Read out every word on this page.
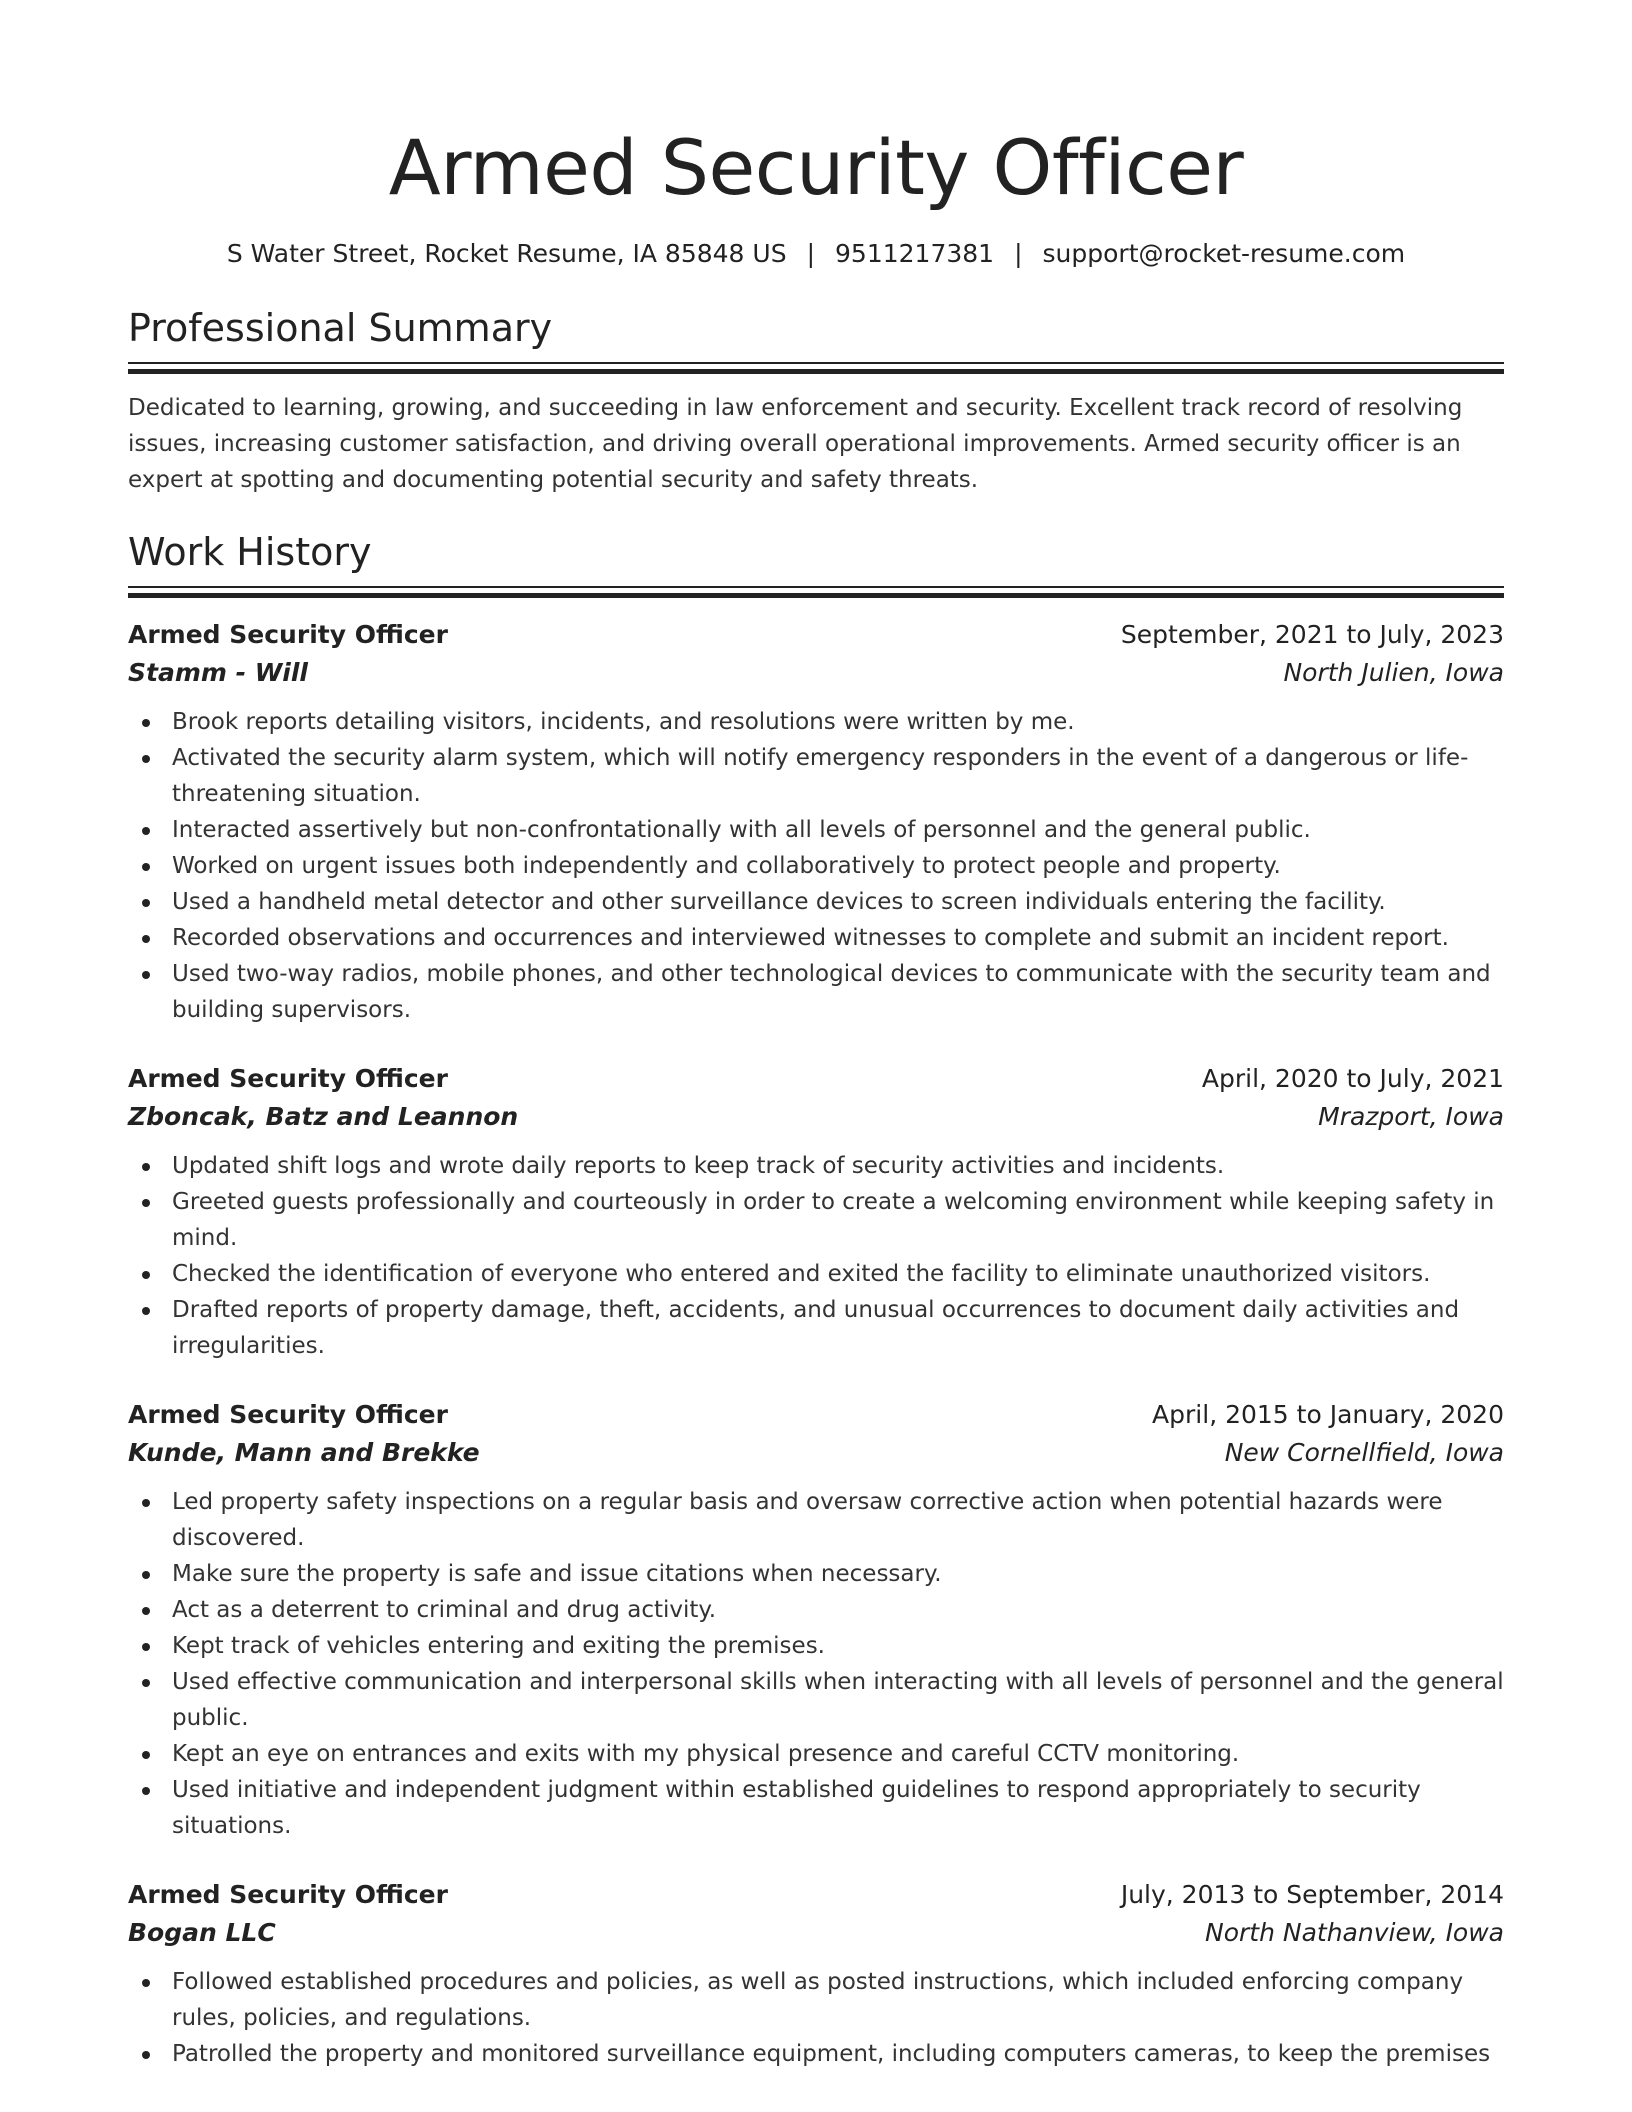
Armed Security Officer
S Water Street, Rocket Resume, IA 85848 US | 9511217381 | support@rocket-resume.com
Professional Summary

Dedicated to learning, growing, and succeeding in law enforcement and security. Excellent track record of resolving issues, increasing customer satisfaction, and driving overall operational improvements. Armed security officer is an expert at spotting and documenting potential security and safety threats.

Work History
Armed Security Officer	September, 2021 to July, 2023
Stamm - Will	North Julien, Iowa
Brook reports detailing visitors, incidents, and resolutions were written by me.
Activated the security alarm system, which will notify emergency responders in the event of a dangerous or life-threatening situation.
Interacted assertively but non-confrontationally with all levels of personnel and the general public.
Worked on urgent issues both independently and collaboratively to protect people and property.
Used a handheld metal detector and other surveillance devices to screen individuals entering the facility.
Recorded observations and occurrences and interviewed witnesses to complete and submit an incident report.
Used two-way radios, mobile phones, and other technological devices to communicate with the security team and building supervisors.
Armed Security Officer	April, 2020 to July, 2021
Zboncak, Batz and Leannon	Mrazport, Iowa
Updated shift logs and wrote daily reports to keep track of security activities and incidents.
Greeted guests professionally and courteously in order to create a welcoming environment while keeping safety in mind.
Checked the identification of everyone who entered and exited the facility to eliminate unauthorized visitors.
Drafted reports of property damage, theft, accidents, and unusual occurrences to document daily activities and irregularities.
Armed Security Officer	April, 2015 to January, 2020
Kunde, Mann and Brekke	New Cornellfield, Iowa
Led property safety inspections on a regular basis and oversaw corrective action when potential hazards were discovered.
Make sure the property is safe and issue citations when necessary.
Act as a deterrent to criminal and drug activity.
Kept track of vehicles entering and exiting the premises.
Used effective communication and interpersonal skills when interacting with all levels of personnel and the general public.
Kept an eye on entrances and exits with my physical presence and careful CCTV monitoring.
Used initiative and independent judgment within established guidelines to respond appropriately to security situations.
Armed Security Officer	July, 2013 to September, 2014
Bogan LLC	North Nathanview, Iowa
Followed established procedures and policies, as well as posted instructions, which included enforcing company rules, policies, and regulations.
Patrolled the property and monitored surveillance equipment, including computers cameras, to keep the premises
